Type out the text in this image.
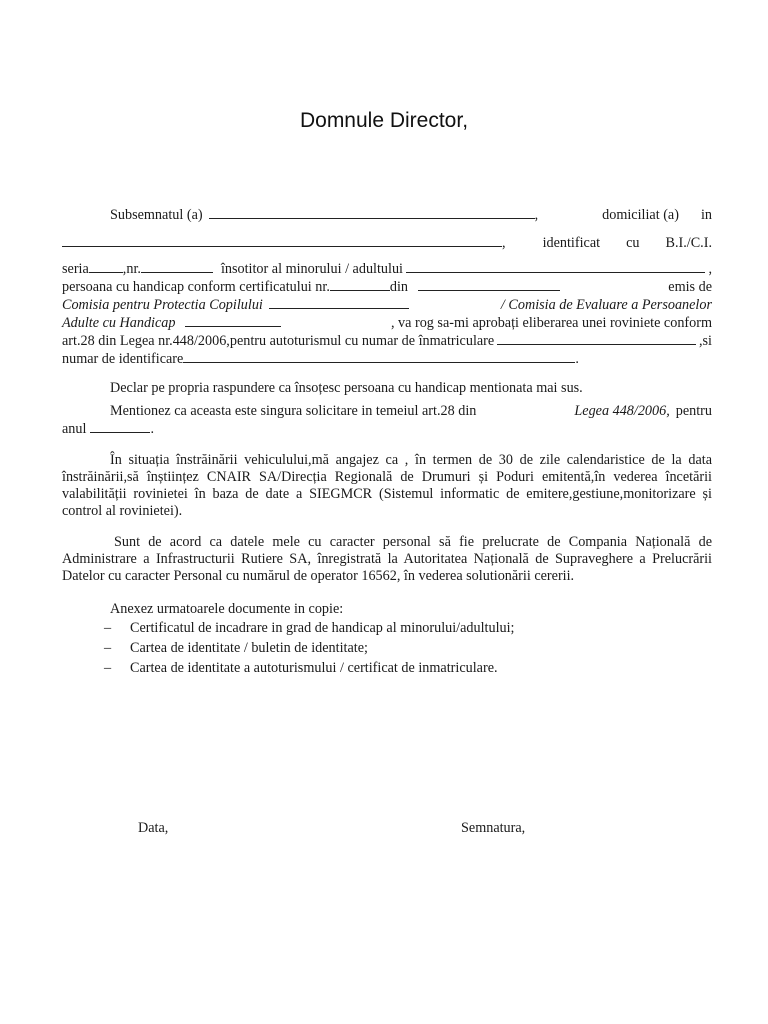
Domnule Director,
Subsemnatul (a)	,	domiciliat (a) in
,	identificat cu B.I./C.I.
seria ,nr.	însotitor al minorului / adultului	,
persoana cu handicap conform certificatului nr.	din	emis de
Comisia pentru Protectia Copilului	/ Comisia de Evaluare a Persoanelor
Adulte cu Handicap	, va rog sa-mi aprobați eliberarea unei roviniete conform
art.28 din Legea nr.448/2006,pentru autoturismul cu numar de înmatriculare	,si
numar de identificare	.
Declar pe propria raspundere ca însoțesc persoana cu handicap mentionata mai sus.
Mentionez ca aceasta este singura solicitare in temeiul art.28 din	Legea 448/2006, pentru
anul	.

În situația înstrăinării vehiculului,mă angajez ca , în termen de 30 de zile calendaristice de la data înstrăinării,să înștiințez CNAIR SA/Direcția Regională de Drumuri și Poduri emitentă,în vederea încetării valabilității rovinietei în baza de date a SIEGMCR (Sistemul informatic de emitere,gestiune,monitorizare și control al rovinietei).

Sunt de acord ca datele mele cu caracter personal să fie prelucrate de Compania Națională de Administrare a Infrastructurii Rutiere SA, înregistrată la Autoritatea Națională de Supraveghere a Prelucrării Datelor cu caracter Personal cu numărul de operator 16562, în vederea solutionării cererii.

Anexez urmatoarele documente in copie:
–	Certificatul de incadrare in grad de handicap al minorului/adultului;
–	Cartea de identitate / buletin de identitate;
–	Cartea de identitate a autoturismului / certificat de inmatriculare.
Data,	Semnatura,
